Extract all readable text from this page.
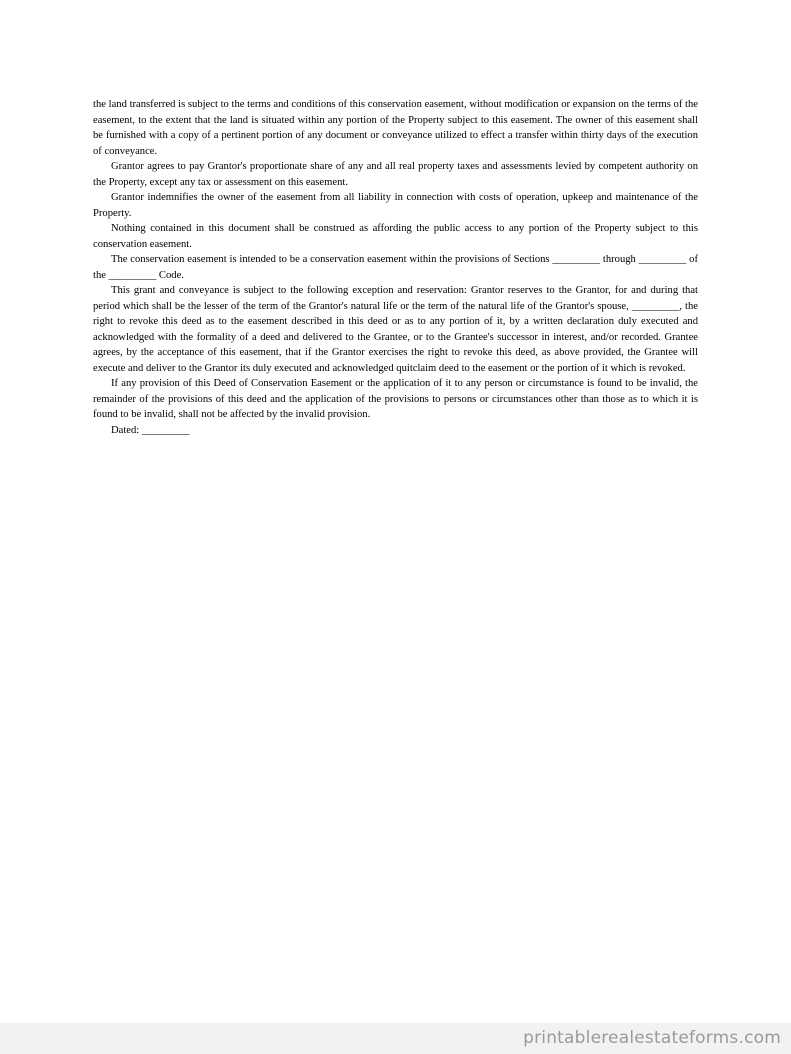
the land transferred is subject to the terms and conditions of this conservation easement, without modification or expansion on the terms of the easement, to the extent that the land is situated within any portion of the Property subject to this easement. The owner of this easement shall be furnished with a copy of a pertinent portion of any document or conveyance utilized to effect a transfer within thirty days of the execution of conveyance.

Grantor agrees to pay Grantor's proportionate share of any and all real property taxes and assessments levied by competent authority on the Property, except any tax or assessment on this easement.

Grantor indemnifies the owner of the easement from all liability in connection with costs of operation, upkeep and maintenance of the Property.

Nothing contained in this document shall be construed as affording the public access to any portion of the Property subject to this conservation easement.

The conservation easement is intended to be a conservation easement within the provisions of Sections _________ through _________ of the _________ Code.

This grant and conveyance is subject to the following exception and reservation: Grantor reserves to the Grantor, for and during that period which shall be the lesser of the term of the Grantor's natural life or the term of the natural life of the Grantor's spouse, _________, the right to revoke this deed as to the easement described in this deed or as to any portion of it, by a written declaration duly executed and acknowledged with the formality of a deed and delivered to the Grantee, or to the Grantee's successor in interest, and/or recorded. Grantee agrees, by the acceptance of this easement, that if the Grantor exercises the right to revoke this deed, as above provided, the Grantee will execute and deliver to the Grantor its duly executed and acknowledged quitclaim deed to the easement or the portion of it which is revoked.

If any provision of this Deed of Conservation Easement or the application of it to any person or circumstance is found to be invalid, the remainder of the provisions of this deed and the application of the provisions to persons or circumstances other than those as to which it is found to be invalid, shall not be affected by the invalid provision.

Dated: _________

printablerealestateforms.com
